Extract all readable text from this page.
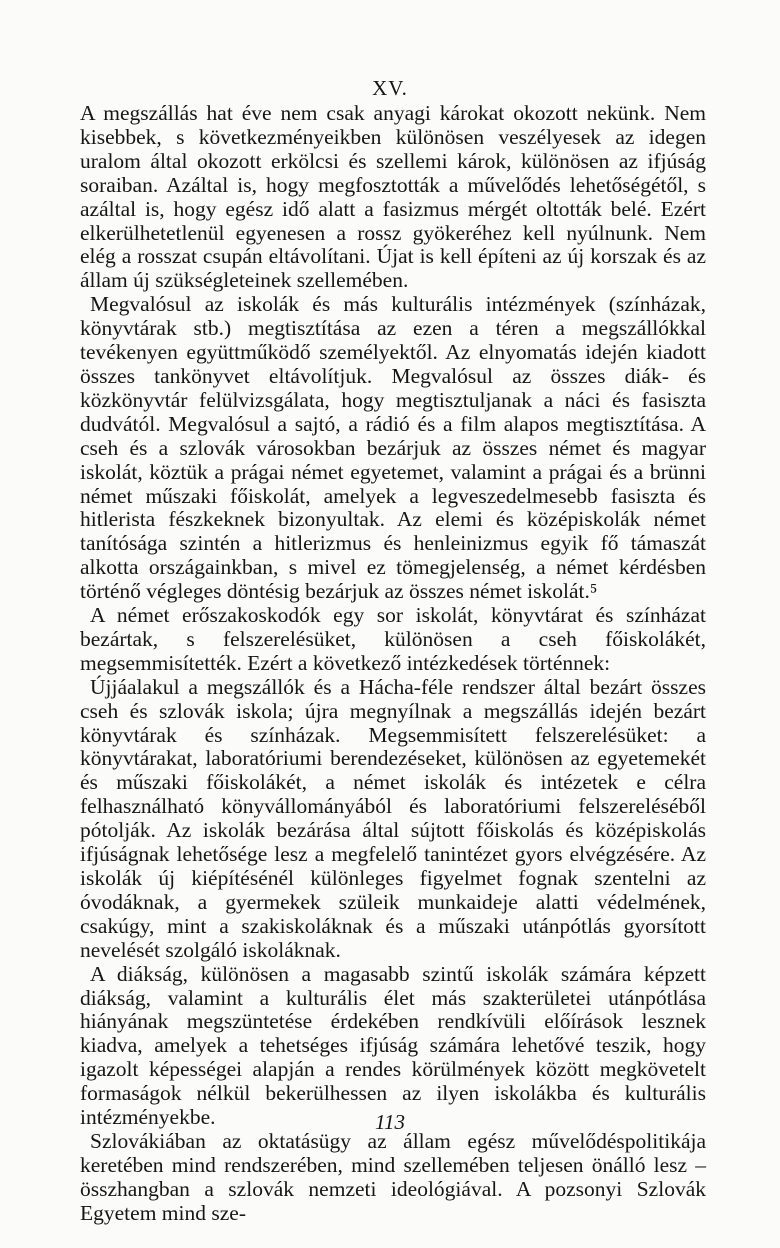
XV.

A megszállás hat éve nem csak anyagi károkat okozott nekünk. Nem kisebbek, s következményeikben különösen veszélyesek az idegen uralom által okozott erkölcsi és szellemi károk, különösen az ifjúság soraiban. Azáltal is, hogy megfosztották a művelődés lehetőségétől, s azáltal is, hogy egész idő alatt a fasizmus mérgét oltották belé. Ezért elkerülhetetlenül egyenesen a rossz gyökeréhez kell nyúlnunk. Nem elég a rosszat csupán eltávolítani. Újat is kell építeni az új korszak és az állam új szükségleteinek szellemében.

Megvalósul az iskolák és más kulturális intézmények (színházak, könyvtárak stb.) megtisztítása az ezen a téren a megszállókkal tevékenyen együttműködő személyektől. Az elnyomatás idején kiadott összes tankönyvet eltávolítjuk. Megvalósul az összes diák- és közkönyvtár felülvizsgálata, hogy megtisztuljanak a náci és fasiszta dudvától. Megvalósul a sajtó, a rádió és a film alapos megtisztítása. A cseh és a szlovák városokban bezárjuk az összes német és magyar iskolát, köztük a prágai német egyetemet, valamint a prágai és a brünni német műszaki főiskolát, amelyek a legveszedelmesebb fasiszta és hitlerista fészkeknek bizonyultak. Az elemi és középiskolák német tanítósága szintén a hitlerizmus és henleinizmus egyik fő támaszát alkotta országainkban, s mivel ez tömegjelenség, a német kérdésben történő végleges döntésig bezárjuk az összes német iskolát.⁵

A német erőszakoskodók egy sor iskolát, könyvtárat és színházat bezártak, s felszerelésüket, különösen a cseh főiskolákét, megsemmisítették. Ezért a következő intézkedések történnek:

Újjáalakul a megszállók és a Hácha-féle rendszer által bezárt összes cseh és szlovák iskola; újra megnyílnak a megszállás idején bezárt könyvtárak és színházak. Megsemmisített felszerelésüket: a könyvtárakat, laboratóriumi berendezéseket, különösen az egyetemekét és műszaki főiskolákét, a német iskolák és intézetek e célra felhasználható könyvállományából és laboratóriumi felszereléséből pótolják. Az iskolák bezárása által sújtott főiskolás és középiskolás ifjúságnak lehetősége lesz a megfelelő tanintézet gyors elvégzésére. Az iskolák új kiépítésénél különleges figyelmet fognak szentelni az óvodáknak, a gyermekek szüleik munkaideje alatti védelmének, csakúgy, mint a szakiskoláknak és a műszaki utánpótlás gyorsított nevelését szolgáló iskoláknak.

A diákság, különösen a magasabb szintű iskolák számára képzett diákság, valamint a kulturális élet más szakterületei utánpótlása hiányának megszüntetése érdekében rendkívüli előírások lesznek kiadva, amelyek a tehetséges ifjúság számára lehetővé teszik, hogy igazolt képességei alapján a rendes körülmények között megkövetelt formaságok nélkül bekerülhessen az ilyen iskolákba és kulturális intézményekbe.

Szlovákiában az oktatásügy az állam egész művelődéspolitikája keretében mind rendszerében, mind szellemében teljesen önálló lesz – összhangban a szlovák nemzeti ideológiával. A pozsonyi Szlovák Egyetem mind sze-

113
